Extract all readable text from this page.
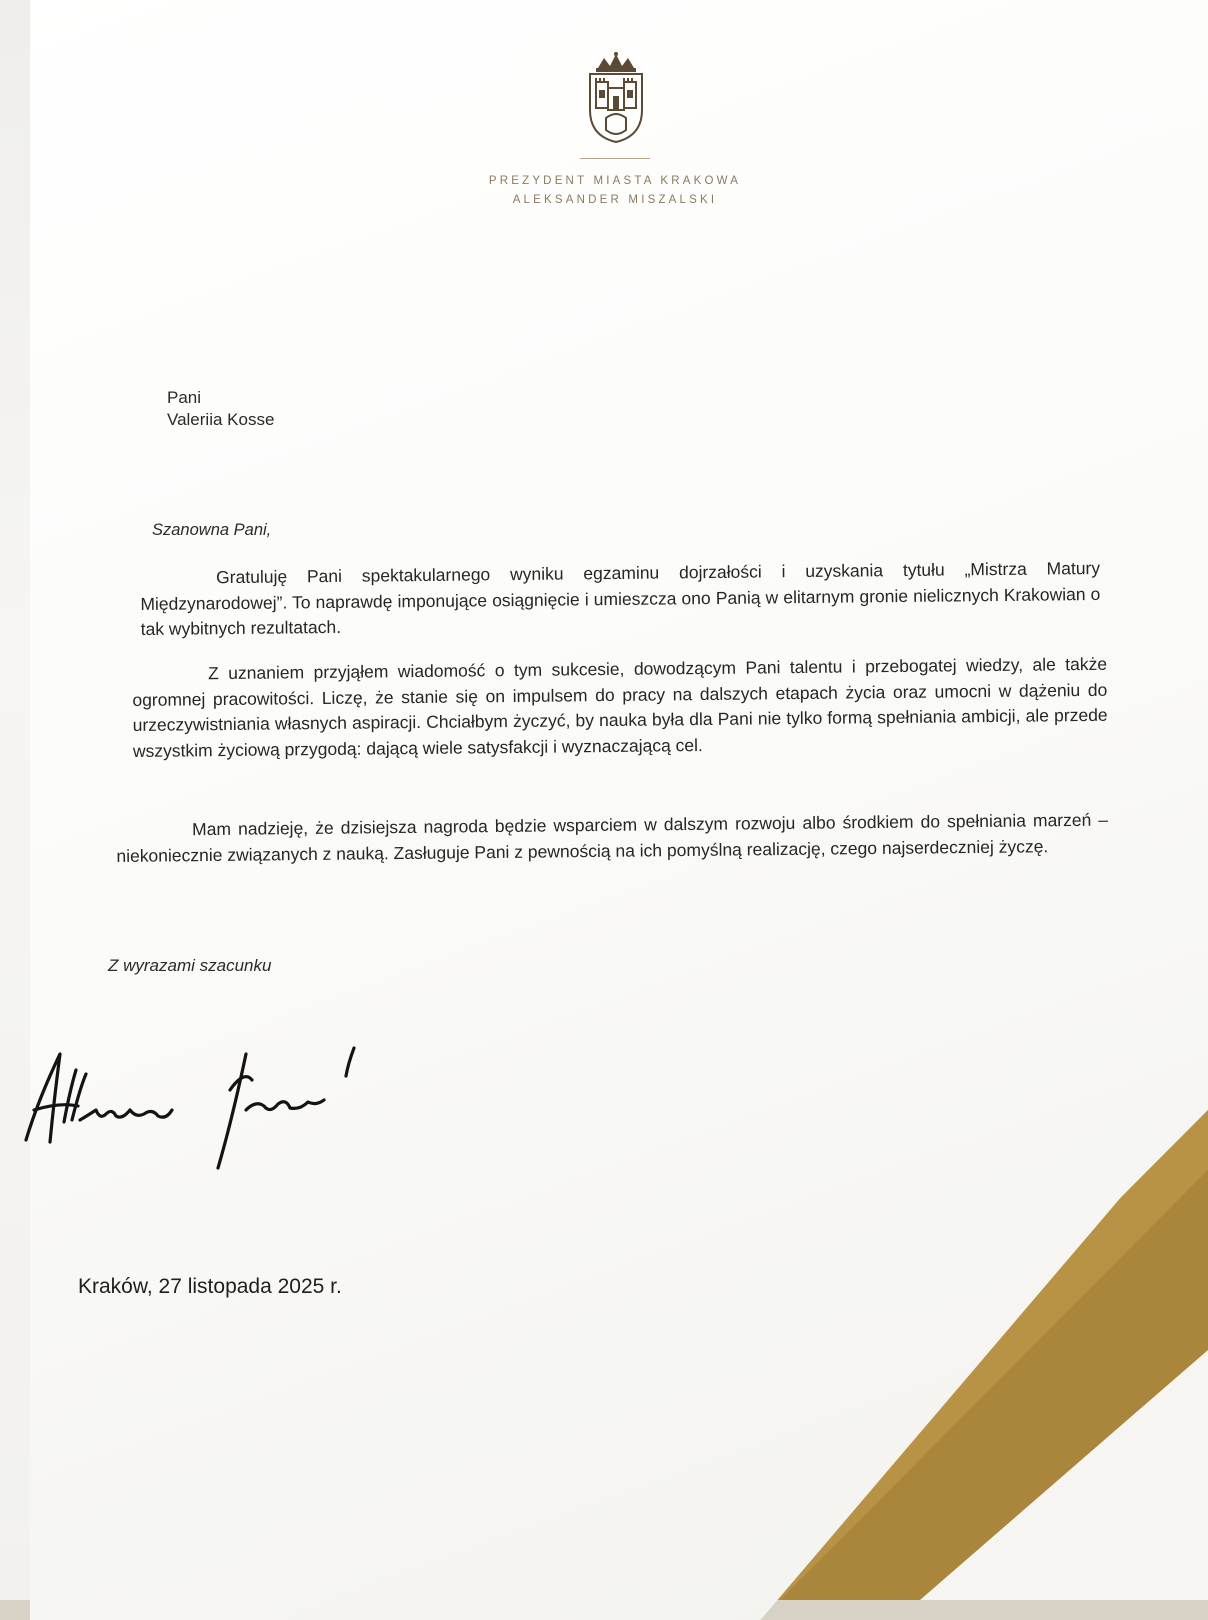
PREZYDENT MIASTA KRAKOWA
ALEKSANDER MISZALSKI
Pani
Valeriia Kosse
Szanowna Pani,
Gratuluję Pani spektakularnego wyniku egzaminu dojrzałości i uzyskania tytułu „Mistrza Matury Międzynarodowej”. To naprawdę imponujące osiągnięcie i umieszcza ono Panią w elitarnym gronie nielicznych Krakowian o tak wybitnych rezultatach.
Z uznaniem przyjąłem wiadomość o tym sukcesie, dowodzącym Pani talentu i przebogatej wiedzy, ale także ogromnej pracowitości. Liczę, że stanie się on impulsem do pracy na dalszych etapach życia oraz umocni w dążeniu do urzeczywistniania własnych aspiracji. Chciałbym życzyć, by nauka była dla Pani nie tylko formą spełniania ambicji, ale przede wszystkim życiową przygodą: dającą wiele satysfakcji i wyznaczającą cel.
Mam nadzieję, że dzisiejsza nagroda będzie wsparciem w dalszym rozwoju albo środkiem do spełniania marzeń – niekoniecznie związanych z nauką. Zasługuje Pani z pewnością na ich pomyślną realizację, czego najserdeczniej życzę.
Z wyrazami szacunku
Kraków, 27 listopada 2025 r.
